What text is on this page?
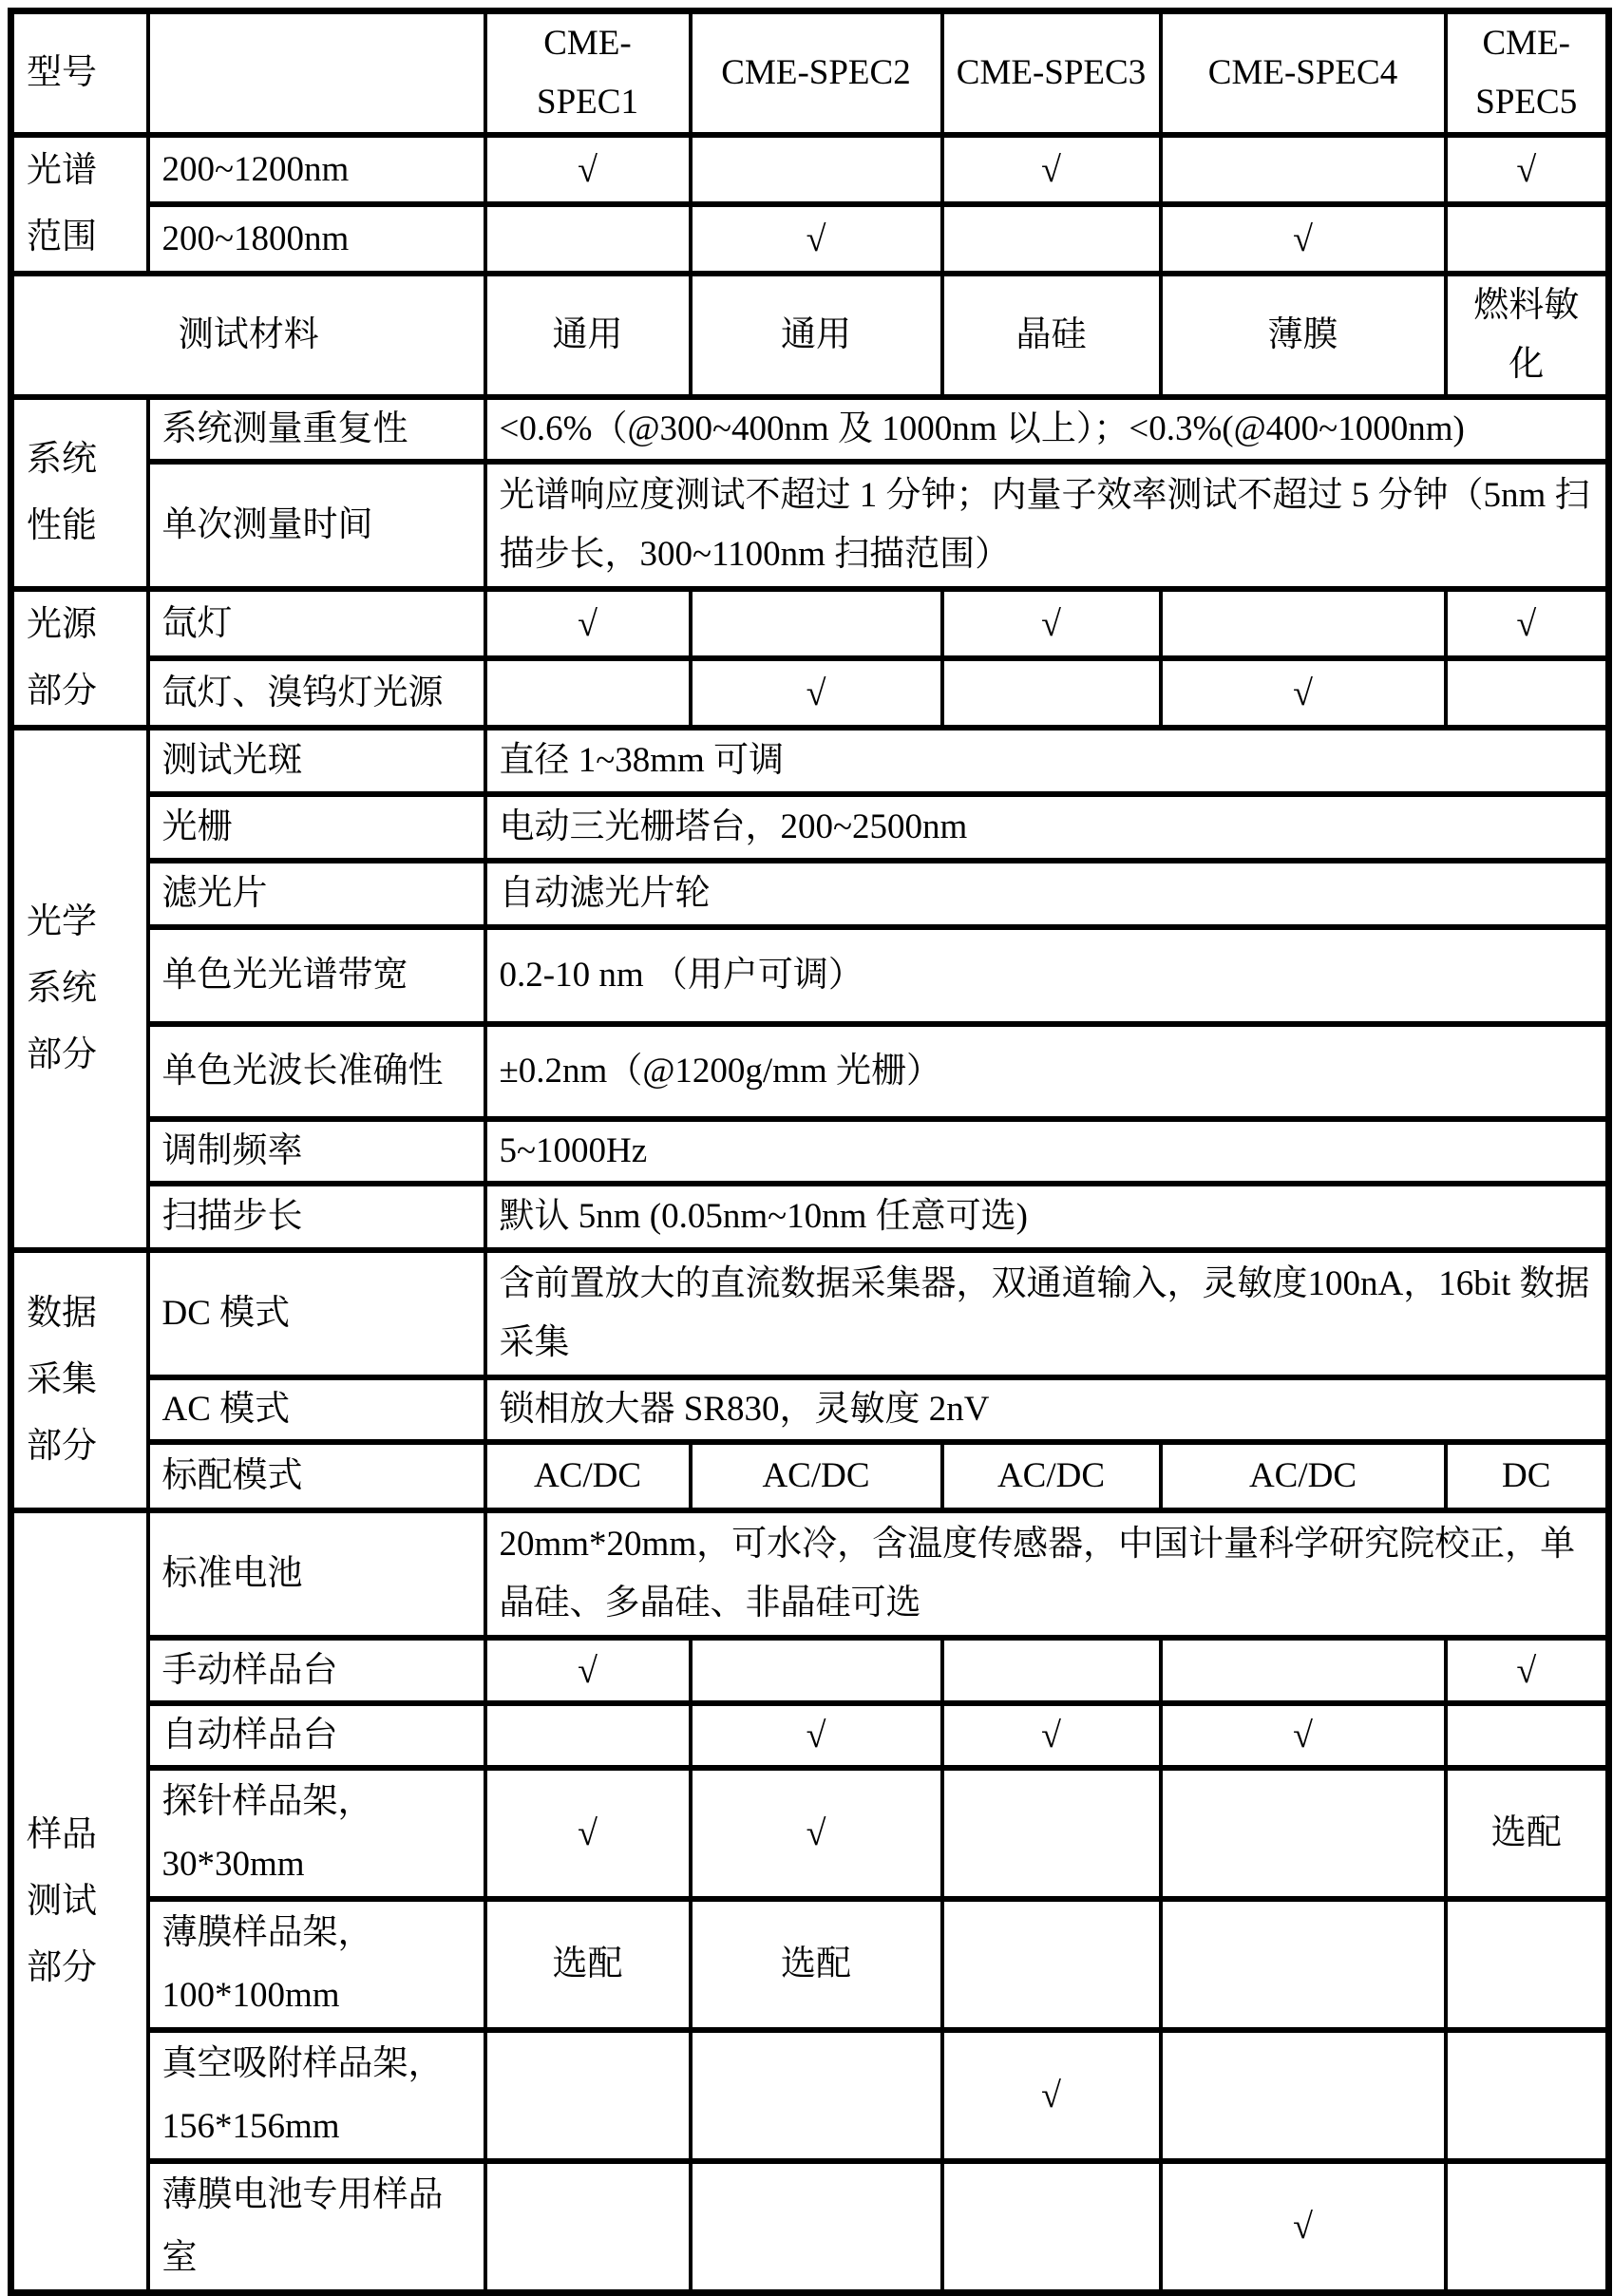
型号		CME-SPEC1	CME-SPEC2	CME-SPEC3	CME-SPEC4	CME-SPEC5

光谱
范围	200~1200nm	√		√		√
	200~1800nm		√		√	
测试材料		通用	通用	晶硅	薄膜	燃料敏化

系统
性能	系统测量重复性	<0.6%（@300~400nm 及 1000nm 以上）；<0.3%(@400~1000nm)				
	单次测量时间	光谱响应度测试不超过 1 分钟；内量子效率测试不超过 5 分钟（5nm 扫描步长，300~1100nm 扫描范围）				

光源
部分	氙灯	√		√		√
	氙灯、溴钨灯光源		√		√	

光学
系统
部分	测试光斑	直径 1~38mm 可调				
	光栅	电动三光栅塔台，200~2500nm				
	滤光片	自动滤光片轮				
	单色光光谱带宽	0.2-10 nm （用户可调）				
	单色光波长准确性	±0.2nm（@1200g/mm 光栅）				
	调制频率	5~1000Hz				
	扫描步长	默认 5nm (0.05nm~10nm 任意可选)				

数据
采集
部分	DC 模式	含前置放大的直流数据采集器，双通道输入，灵敏度100nA，16bit 数据采集				
	AC 模式	锁相放大器 SR830，灵敏度 2nV				
	标配模式	AC/DC	AC/DC	AC/DC	AC/DC	DC

样品
测试
部分	标准电池	20mm*20mm，可水冷，含温度传感器，中国计量科学研究院校正，单晶硅、多晶硅、非晶硅可选				
	手动样品台	√				√
	自动样品台		√	√	√	

	探针样品架，
30*30mm	√	√			选配

	薄膜样品架，
100*100mm	选配	选配			

	真空吸附样品架，
156*156mm			√		

	薄膜电池专用样品
室				√	
